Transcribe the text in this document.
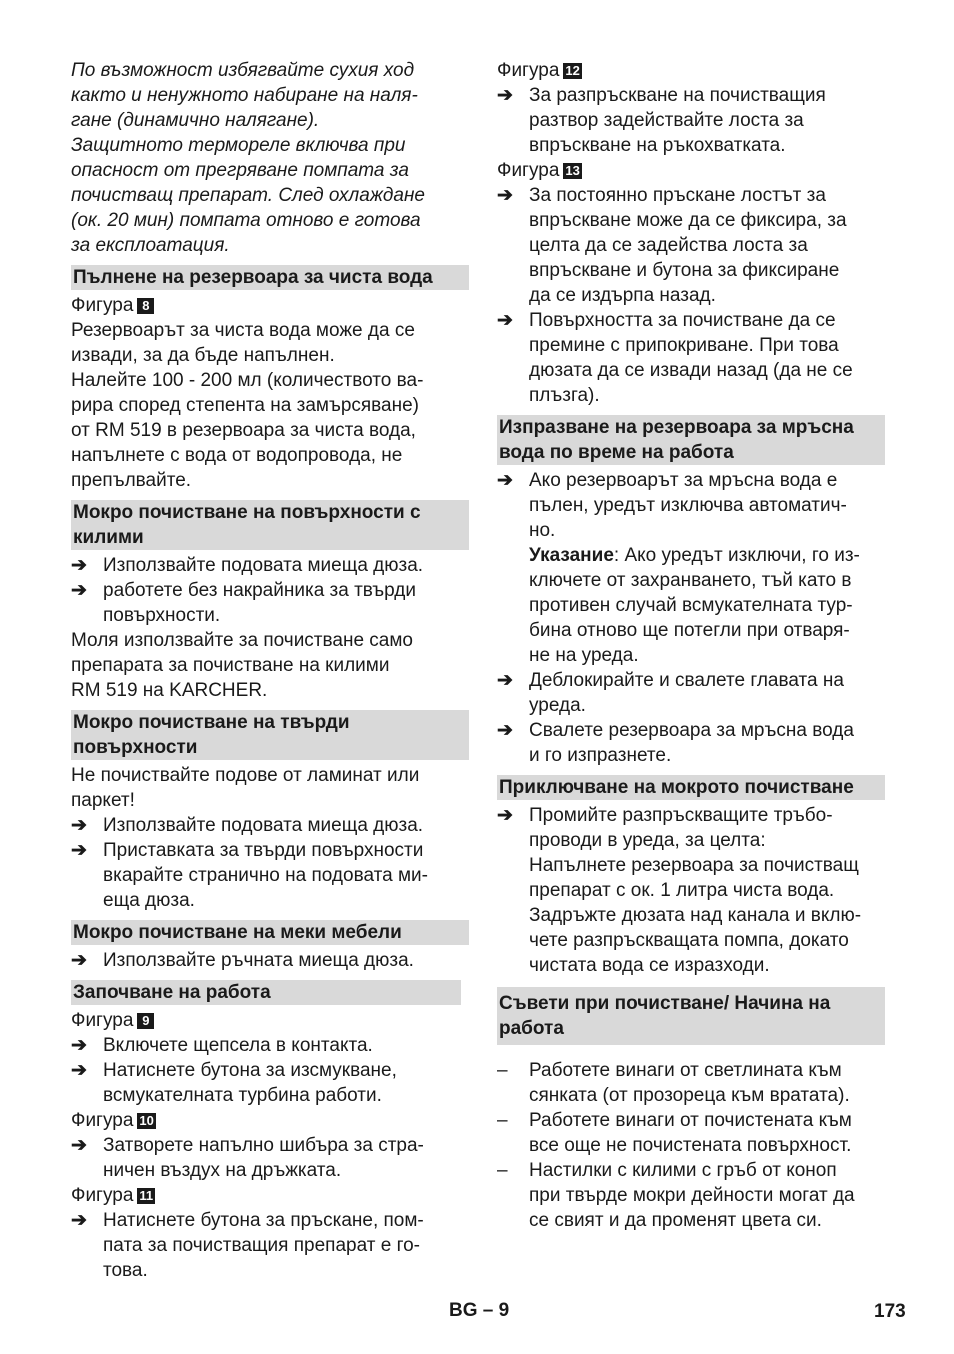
По възможност избягвайте сухия ход
както и ненужното набиране на наля-
гане (динамично налягане).
Защитното термореле включва при
опасност от прегряване помпата за
почистващ препарат. След охлаждане
(ок. 20 мин) помпата отново е готова
за експлоатация.
Пълнене на резервоара за чиста вода
Фигура 8
Резервоарът за чиста вода може да се
извади, за да бъде напълнен.
Налейте 100 - 200 мл (количеството ва-
рира според степента на замърсяване)
от RM 519 в резервоара за чиста вода,
напълнете с вода от водопровода, не
препълвайте.
Мокро почистване на повърхности с
килими
➔ Използвайте подовата миеща дюза.
➔ работете без накрайника за твърди
повърхности.
Моля използвайте за почистване само
препарата за почистване на килими
RM 519 на KARCHER.
Мокро почистване на твърди
повърхности
Не почиствайте подове от ламинат или
паркет!
➔ Използвайте подовата миеща дюза.
➔ Приставката за твърди повърхности
вкарайте странично на подовата ми-
еща дюза.
Мокро почистване на меки мебели
➔ Използвайте ръчната миеща дюза.
Започване на работа
Фигура 9
➔ Включете щепсела в контакта.
➔ Натиснете бутона за изсмукване,
всмукателната турбина работи.
Фигура 10
➔ Затворете напълно шибъра за стра-
ничен въздух на дръжката.
Фигура 11
➔ Натиснете бутона за пръскане, пом-
пата за почистващия препарат е го-
това.
Фигура 12
➔ За разпръскване на почистващия
разтвор задействайте лоста за
впръскване на ръкохватката.
Фигура 13
➔ За постоянно пръскане лостът за
впръскване може да се фиксира, за
целта да се задейства лоста за
впръскване и бутона за фиксиране
да се издърпа назад.
➔ Повърхността за почистване да се
премине с припокриване. При това
дюзата да се извади назад (да не се
плъзга).
Изпразване на резервоара за мръсна
вода по време на работа
➔ Ако резервоарът за мръсна вода е
пълен, уредът изключва автоматич-
но.
Указание: Ако уредът изключи, го из-
ключете от захранването, тъй като в
противен случай всмукателната тур-
бина отново ще потегли при отваря-
не на уреда.
➔ Деблокирайте и свалете главата на
уреда.
➔ Свалете резервоара за мръсна вода
и го изпразнете.
Приключване на мокрото почистване
➔ Промийте разпръскващите тръбо-
проводи в уреда, за целта:
Напълнете резервоара за почистващ
препарат с ок. 1 литра чиста вода.
Задръжте дюзата над канала и вклю-
чете разпръскващата помпа, докато
чистата вода се изразходи.
Съвети при почистване/ Начина на
работа
–	Работете винаги от светлината към
сянката (от прозореца към вратата).
–	Работете винаги от почистената към
все още не почистената повърхност.
–	Настилки с килими с гръб от коноп
при твърде мокри дейности могат да
се свият и да променят цвета си.
BG – 9	173
